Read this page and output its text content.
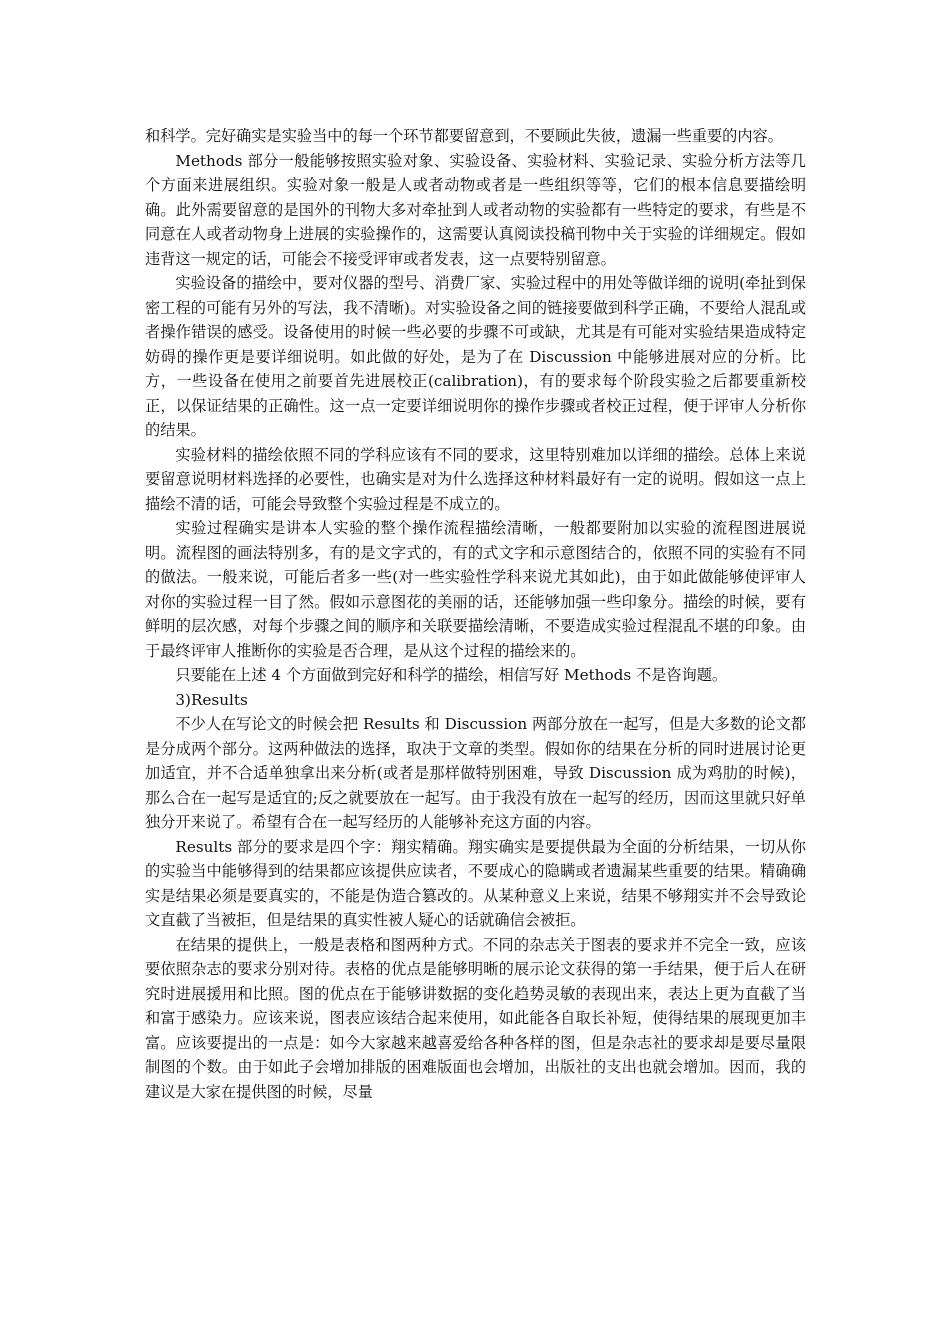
和科学。完好确实是实验当中的每一个环节都要留意到，不要顾此失彼，遗漏一些重要的内容。

Methods 部分一般能够按照实验对象、实验设备、实验材料、实验记录、实验分析方法等几个方面来进展组织。实验对象一般是人或者动物或者是一些组织等等，它们的根本信息要描绘明确。此外需要留意的是国外的刊物大多对牵扯到人或者动物的实验都有一些特定的要求，有些是不同意在人或者动物身上进展的实验操作的，这需要认真阅读投稿刊物中关于实验的详细规定。假如违背这一规定的话，可能会不接受评审或者发表，这一点要特别留意。

实验设备的描绘中，要对仪器的型号、消费厂家、实验过程中的用处等做详细的说明(牵扯到保密工程的可能有另外的写法，我不清晰)。对实验设备之间的链接要做到科学正确，不要给人混乱或者操作错误的感受。设备使用的时候一些必要的步骤不可或缺，尤其是有可能对实验结果造成特定妨碍的操作更是要详细说明。如此做的好处，是为了在 Discussion 中能够进展对应的分析。比方，一些设备在使用之前要首先进展校正(calibration)，有的要求每个阶段实验之后都要重新校正，以保证结果的正确性。这一点一定要详细说明你的操作步骤或者校正过程，便于评审人分析你的结果。

实验材料的描绘依照不同的学科应该有不同的要求，这里特别难加以详细的描绘。总体上来说要留意说明材料选择的必要性，也确实是对为什么选择这种材料最好有一定的说明。假如这一点上描绘不清的话，可能会导致整个实验过程是不成立的。

实验过程确实是讲本人实验的整个操作流程描绘清晰，一般都要附加以实验的流程图进展说明。流程图的画法特别多，有的是文字式的，有的式文字和示意图结合的，依照不同的实验有不同的做法。一般来说，可能后者多一些(对一些实验性学科来说尤其如此)，由于如此做能够使评审人对你的实验过程一目了然。假如示意图花的美丽的话，还能够加强一些印象分。描绘的时候，要有鲜明的层次感，对每个步骤之间的顺序和关联要描绘清晰，不要造成实验过程混乱不堪的印象。由于最终评审人推断你的实验是否合理，是从这个过程的描绘来的。

只要能在上述 4 个方面做到完好和科学的描绘，相信写好 Methods 不是咨询题。

3)Results

不少人在写论文的时候会把 Results 和 Discussion 两部分放在一起写，但是大多数的论文都是分成两个部分。这两种做法的选择，取决于文章的类型。假如你的结果在分析的同时进展讨论更加适宜，并不合适单独拿出来分析(或者是那样做特别困难，导致 Discussion 成为鸡肋的时候)，那么合在一起写是适宜的;反之就要放在一起写。由于我没有放在一起写的经历，因而这里就只好单独分开来说了。希望有合在一起写经历的人能够补充这方面的内容。

Results 部分的要求是四个字：翔实精确。翔实确实是要提供最为全面的分析结果，一切从你的实验当中能够得到的结果都应该提供应读者，不要成心的隐瞒或者遗漏某些重要的结果。精确确实是结果必须是要真实的，不能是伪造合篡改的。从某种意义上来说，结果不够翔实并不会导致论文直截了当被拒，但是结果的真实性被人疑心的话就确信会被拒。

在结果的提供上，一般是表格和图两种方式。不同的杂志关于图表的要求并不完全一致，应该要依照杂志的要求分别对待。表格的优点是能够明晰的展示论文获得的第一手结果，便于后人在研究时进展援用和比照。图的优点在于能够讲数据的变化趋势灵敏的表现出来，表达上更为直截了当和富于感染力。应该来说，图表应该结合起来使用，如此能各自取长补短，使得结果的展现更加丰富。应该要提出的一点是：如今大家越来越喜爱给各种各样的图，但是杂志社的要求却是要尽量限制图的个数。由于如此子会增加排版的困难版面也会增加，出版社的支出也就会增加。因而，我的建议是大家在提供图的时候，尽量
